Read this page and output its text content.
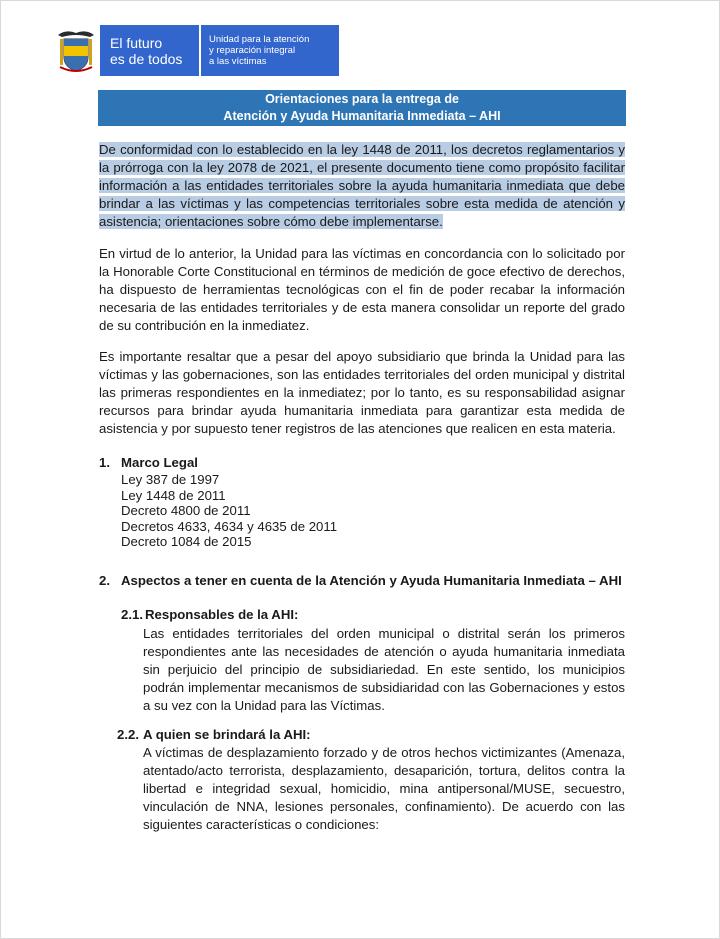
El futuro
es de todos
Unidad para la atención
y reparación integral
a las víctimas
Orientaciones para la entrega de
Atención y Ayuda Humanitaria Inmediata – AHI

De conformidad con lo establecido en la ley 1448 de 2011, los decretos reglamentarios y la prórroga con la ley 2078 de 2021, el presente documento tiene como propósito facilitar información a las entidades territoriales sobre la ayuda humanitaria inmediata que debe brindar a las víctimas y las competencias territoriales sobre esta medida de atención y asistencia; orientaciones sobre cómo debe implementarse.

En virtud de lo anterior, la Unidad para las víctimas en concordancia con lo solicitado por la Honorable Corte Constitucional en términos de medición de goce efectivo de derechos, ha dispuesto de herramientas tecnológicas con el fin de poder recabar la información necesaria de las entidades territoriales y de esta manera consolidar un reporte del grado de su contribución en la inmediatez.

Es importante resaltar que a pesar del apoyo subsidiario que brinda la Unidad para las víctimas y las gobernaciones, son las entidades territoriales del orden municipal y distrital las primeras respondientes en la inmediatez; por lo tanto, es su responsabilidad asignar recursos para brindar ayuda humanitaria inmediata para garantizar esta medida de asistencia y por supuesto tener registros de las atenciones que realicen en esta materia.

1. Marco Legal
Ley 387 de 1997
Ley 1448 de 2011
Decreto 4800 de 2011
Decretos 4633, 4634 y 4635 de 2011
Decreto 1084 de 2015
2. Aspectos a tener en cuenta de la Atención y Ayuda Humanitaria Inmediata – AHI
2.1. Responsables de la AHI:

Las entidades territoriales del orden municipal o distrital serán los primeros respondientes ante las necesidades de atención o ayuda humanitaria inmediata sin perjuicio del principio de subsidiariedad. En este sentido, los municipios podrán implementar mecanismos de subsidiaridad con las Gobernaciones y estos a su vez con la Unidad para las Víctimas.

2.2. A quien se brindará la AHI:

A víctimas de desplazamiento forzado y de otros hechos victimizantes (Amenaza, atentado/acto terrorista, desplazamiento, desaparición, tortura, delitos contra la libertad e integridad sexual, homicidio, mina antipersonal/MUSE, secuestro, vinculación de NNA, lesiones personales, confinamiento). De acuerdo con las siguientes características o condiciones:
